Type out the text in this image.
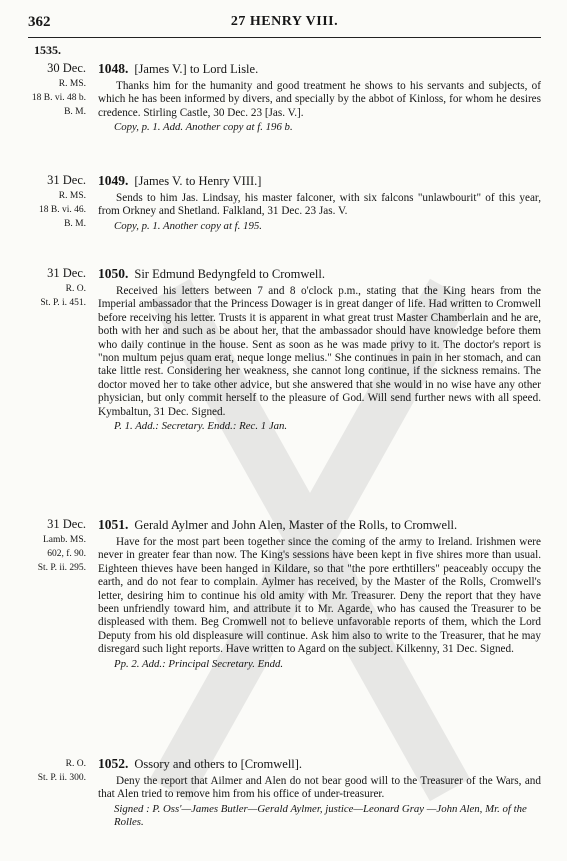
362	27 HENRY VIII.
1535.
30 Dec.
R. MS.
18 B. vi. 48 b.
B. M.
1048. [James V.] to Lord Lisle.
Thanks him for the humanity and good treatment he shows to his servants and subjects, of which he has been informed by divers, and specially by the abbot of Kinloss, for whom he desires credence. Stirling Castle, 30 Dec. 23 [Jas. V.].
Copy, p. 1. Add. Another copy at f. 196 b.
31 Dec.
R. MS.
18 B. vi. 46.
B. M.
1049. [James V. to Henry VIII.]
Sends to him Jas. Lindsay, his master falconer, with six falcons "unlawbourit" of this year, from Orkney and Shetland. Falkland, 31 Dec. 23 Jas. V.
Copy, p. 1. Another copy at f. 195.
31 Dec.
R. O.
St. P. i. 451.
1050. Sir Edmund Bedyngfeld to Cromwell.
Received his letters between 7 and 8 o'clock p.m., stating that the King hears from the Imperial ambassador that the Princess Dowager is in great danger of life. Had written to Cromwell before receiving his letter. Trusts it is apparent in what great trust Master Chamberlain and he are, both with her and such as be about her, that the ambassador should have knowledge before them who daily continue in the house. Sent as soon as he was made privy to it. The doctor's report is "non multum pejus quam erat, neque longe melius." She continues in pain in her stomach, and can take little rest. Considering her weakness, she cannot long continue, if the sickness remains. The doctor moved her to take other advice, but she answered that she would in no wise have any other physician, but only commit herself to the pleasure of God. Will send further news with all speed. Kymbaltun, 31 Dec. Signed.
P. 1. Add.: Secretary. Endd.: Rec. 1 Jan.
31 Dec.
Lamb. MS.
602, f. 90.
St. P. ii. 295.
1051. Gerald Aylmer and John Alen, Master of the Rolls, to Cromwell.
Have for the most part been together since the coming of the army to Ireland. Irishmen were never in greater fear than now. The King's sessions have been kept in five shires more than usual. Eighteen thieves have been hanged in Kildare, so that "the pore erthtillers" peaceably occupy the earth, and do not fear to complain. Aylmer has received, by the Master of the Rolls, Cromwell's letter, desiring him to continue his old amity with Mr. Treasurer. Deny the report that they have been unfriendly toward him, and attribute it to Mr. Agarde, who has caused the Treasurer to be displeased with them. Beg Cromwell not to believe unfavorable reports of them, which the Lord Deputy from his old displeasure will continue. Ask him also to write to the Treasurer, that he may disregard such light reports. Have written to Agard on the subject. Kilkenny, 31 Dec. Signed.
Pp. 2. Add.: Principal Secretary. Endd.
R. O.
St. P. ii. 300.
1052. Ossory and others to [Cromwell].
Deny the report that Ailmer and Alen do not bear good will to the Treasurer of the Wars, and that Alen tried to remove him from his office of under-treasurer.
Signed : P. Oss'—James Butler—Gerald Aylmer, justice—Leonard Gray —John Alen, Mr. of the Rolles.
